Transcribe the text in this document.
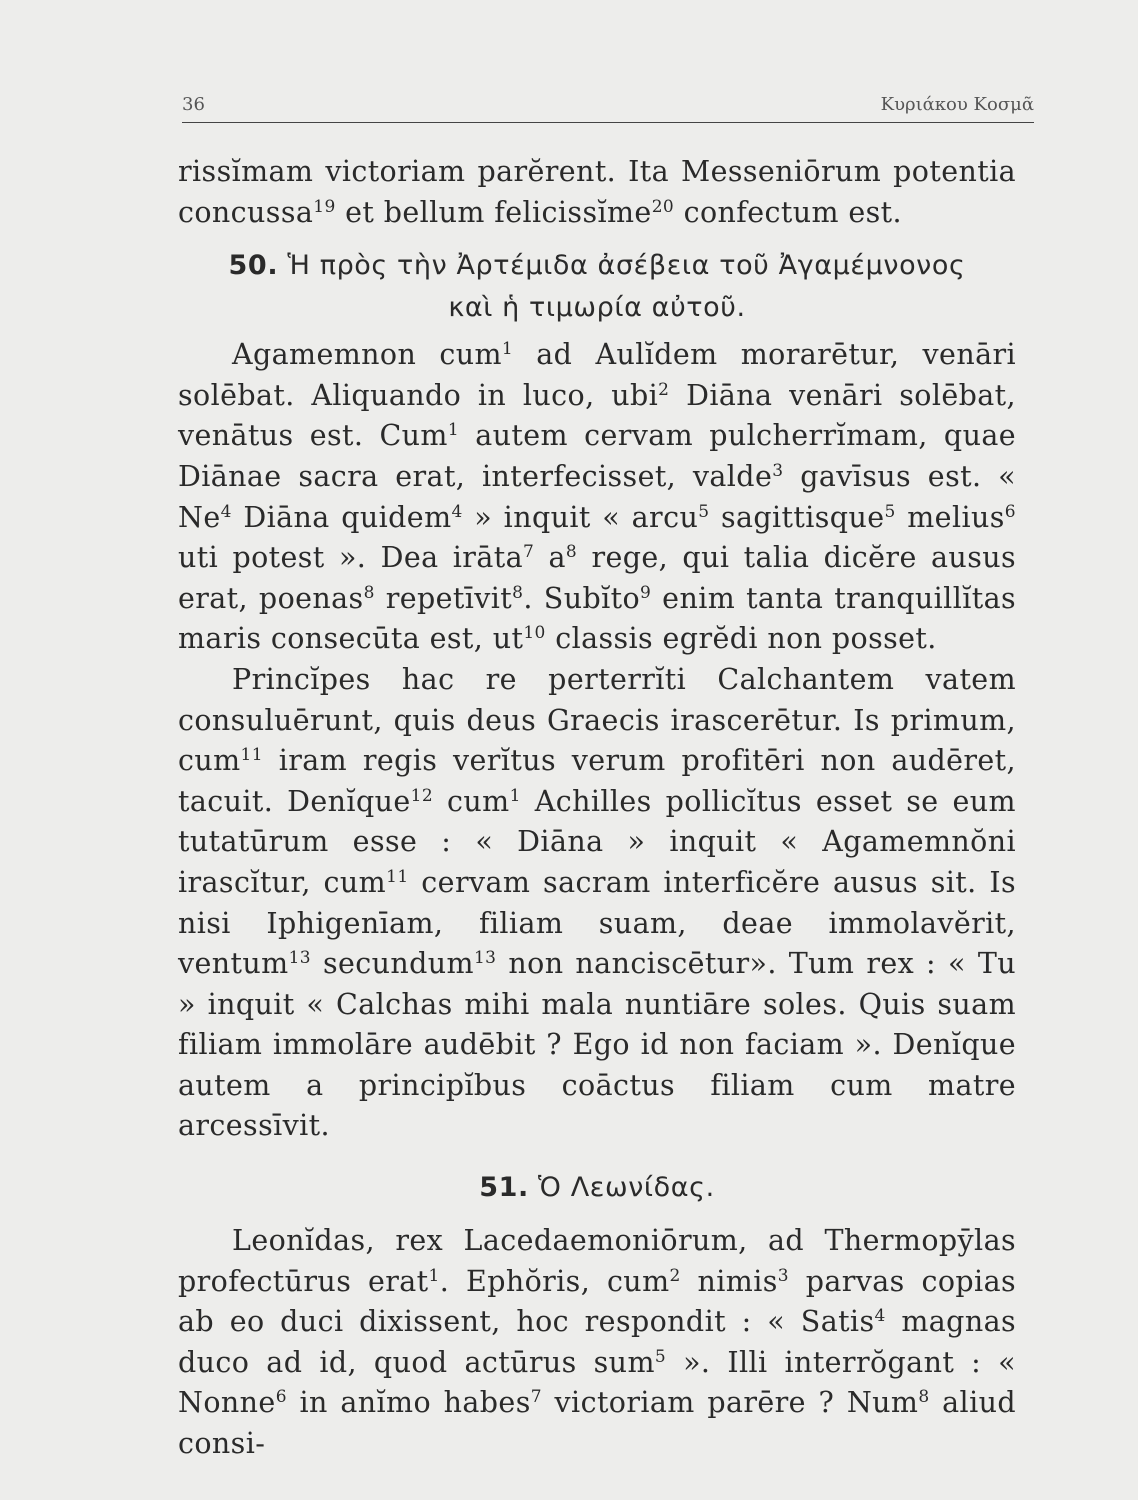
36	Κυριάκου Κοσμᾶ

rissĭmam victoriam parĕrent. Ita Messeniōrum potentia concussa$^{19}$ et bellum felicissĭme$^{20}$ confectum est.

50. Ἡ πρὸς τὴν Ἀρτέμιδα ἀσέβεια τοῦ Ἀγαμέμνονος
καὶ ἡ τιμωρία αὐτοῦ.

Agamemnon cum$^1$ ad Aulĭdem morarētur, venāri solēbat. Aliquando in luco, ubi$^2$ Diāna venāri solēbat, venātus est. Cum$^1$ autem cervam pulcherrĭmam, quae Diānae sacra erat, interfecisset, valde$^3$ gavīsus est. « Ne$^4$ Diāna quidem$^4$ » inquit « arcu$^5$ sagittisque$^5$ melius$^6$ uti potest ». Dea irāta$^7$ $a^8$ rege, qui talia dicĕre ausus erat, poenas$^8$ repetīvit$^8$. Subĭto$^9$ enim tanta tranquillĭtas maris consecūta est, $ut^{10}$ classis egrĕdi non posset.

Princĭpes hac re perterrĭti Calchantem vatem consuluērunt, quis deus Graecis irascerētur. Is primum, cum$^{11}$ iram regis verĭtus verum profitēri non audēret, tacuit. Denĭque$^{12}$ cum$^1$ Achilles pollicĭtus esset se eum tutatūrum esse : « Diāna » inquit « Agamemnŏni irascĭtur, cum$^{11}$ cervam sacram interficĕre ausus sit. Is nisi Iphigenīam, filiam suam, deae immolavĕrit, ventum$^{13}$ secundum$^{13}$ non nanciscētur». Tum rex : « Tu » inquit « Calchas mihi mala nuntiāre soles. Quis suam filiam immolāre audēbit ? Ego id non faciam ». Denĭque autem a principĭbus coāctus filiam cum matre arcessīvit.

51. Ὁ Λεωνίδας.

Leonĭdas, rex Lacedaemoniōrum, ad Thermopȳlas profectūrus erat$^1$. Ephŏris, cum$^2$ nimis$^3$ parvas copias ab eo duci dixissent, hoc respondit : « Satis$^4$ magnas duco ad id, quod actūrus sum$^5$ ». Illi interrŏgant : « Nonne$^6$ in anĭmo habes$^7$ victoriam parēre ? Num$^8$ aliud consi-
